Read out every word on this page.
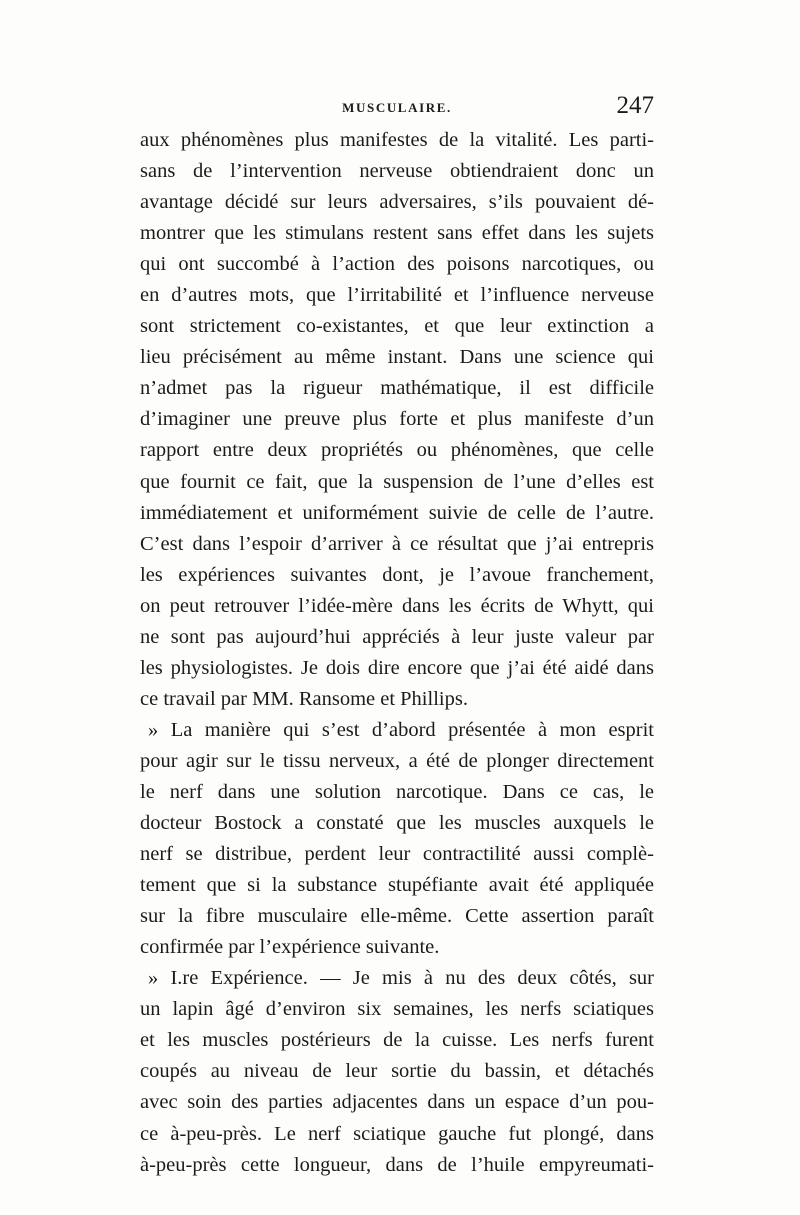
MUSCULAIRE.	247
aux phénomènes plus manifestes de la vitalité. Les parti-
sans de l’intervention nerveuse obtiendraient donc un
avantage décidé sur leurs adversaires, s’ils pouvaient dé-
montrer que les stimulans restent sans effet dans les sujets
qui ont succombé à l’action des poisons narcotiques, ou
en d’autres mots, que l’irritabilité et l’influence nerveuse
sont strictement co-existantes, et que leur extinction a
lieu précisément au même instant. Dans une science qui
n’admet pas la rigueur mathématique, il est difficile
d’imaginer une preuve plus forte et plus manifeste d’un
rapport entre deux propriétés ou phénomènes, que celle
que fournit ce fait, que la suspension de l’une d’elles est
immédiatement et uniformément suivie de celle de l’autre.
C’est dans l’espoir d’arriver à ce résultat que j’ai entrepris
les expériences suivantes dont, je l’avoue franchement,
on peut retrouver l’idée-mère dans les écrits de Whytt, qui
ne sont pas aujourd’hui appréciés à leur juste valeur par
les physiologistes. Je dois dire encore que j’ai été aidé dans
ce travail par MM. Ransome et Phillips.
» La manière qui s’est d’abord présentée à mon esprit
pour agir sur le tissu nerveux, a été de plonger directement
le nerf dans une solution narcotique. Dans ce cas, le
docteur Bostock a constaté que les muscles auxquels le
nerf se distribue, perdent leur contractilité aussi complè-
tement que si la substance stupéfiante avait été appliquée
sur la fibre musculaire elle-même. Cette assertion paraît
confirmée par l’expérience suivante.
» I.re Expérience. — Je mis à nu des deux côtés, sur
un lapin âgé d’environ six semaines, les nerfs sciatiques
et les muscles postérieurs de la cuisse. Les nerfs furent
coupés au niveau de leur sortie du bassin, et détachés
avec soin des parties adjacentes dans un espace d’un pou-
ce à-peu-près. Le nerf sciatique gauche fut plongé, dans
à-peu-près cette longueur, dans de l’huile empyreumati-
